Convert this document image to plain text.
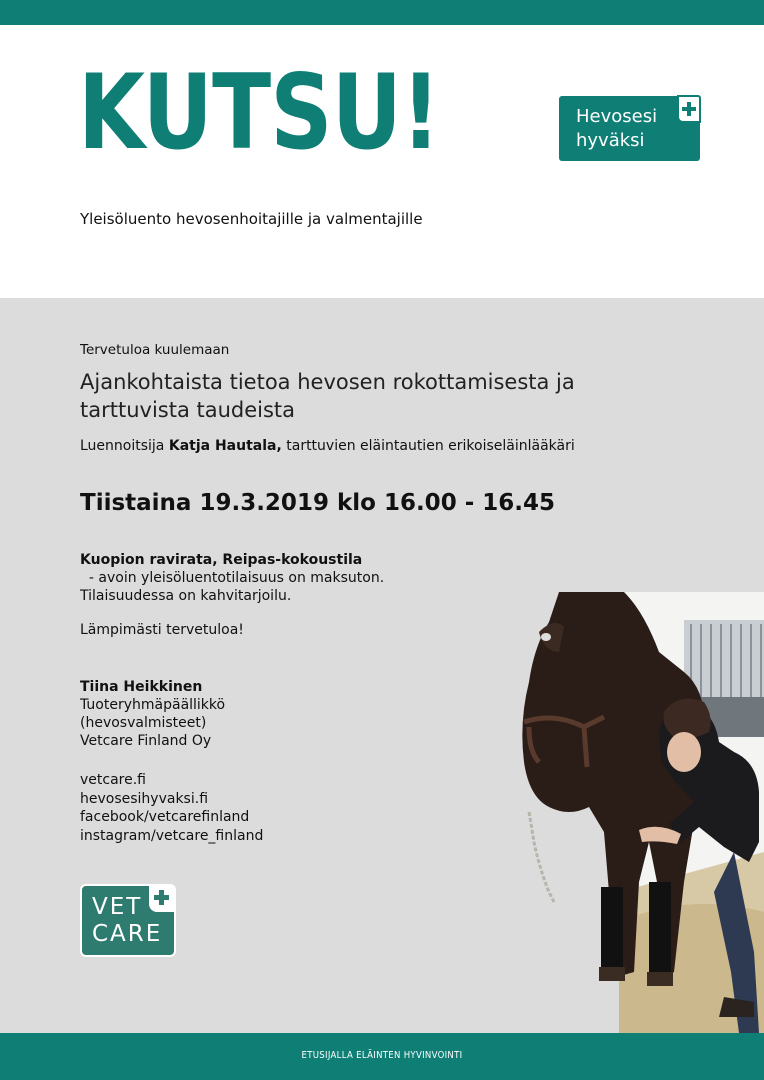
KUTSU!
Yleisöluento hevosenhoitajille ja valmentajille
Hevosesi
hyväksi
Tervetuloa kuulemaan
Ajankohtaista tietoa hevosen rokottamisesta ja tarttuvista taudeista
Luennoitsija Katja Hautala, tarttuvien eläintautien erikoiseläinlääkäri
Tiistaina 19.3.2019 klo 16.00 - 16.45
Kuopion ravirata, Reipas-kokoustila  - avoin yleisöluentotilaisuus on maksuton.
Tilaisuudessa on kahvitarjoilu.
Lämpimästi tervetuloa!
Tiina Heikkinen
Tuoteryhmäpäällikkö
(hevosvalmisteet)
Vetcare Finland Oy
vetcare.fi
hevosesihyvaksi.fi
facebook/vetcarefinland
instagram/vetcare_finland
VET
CARE
ETUSIJALLA ELÄINTEN HYVINVOINTI
